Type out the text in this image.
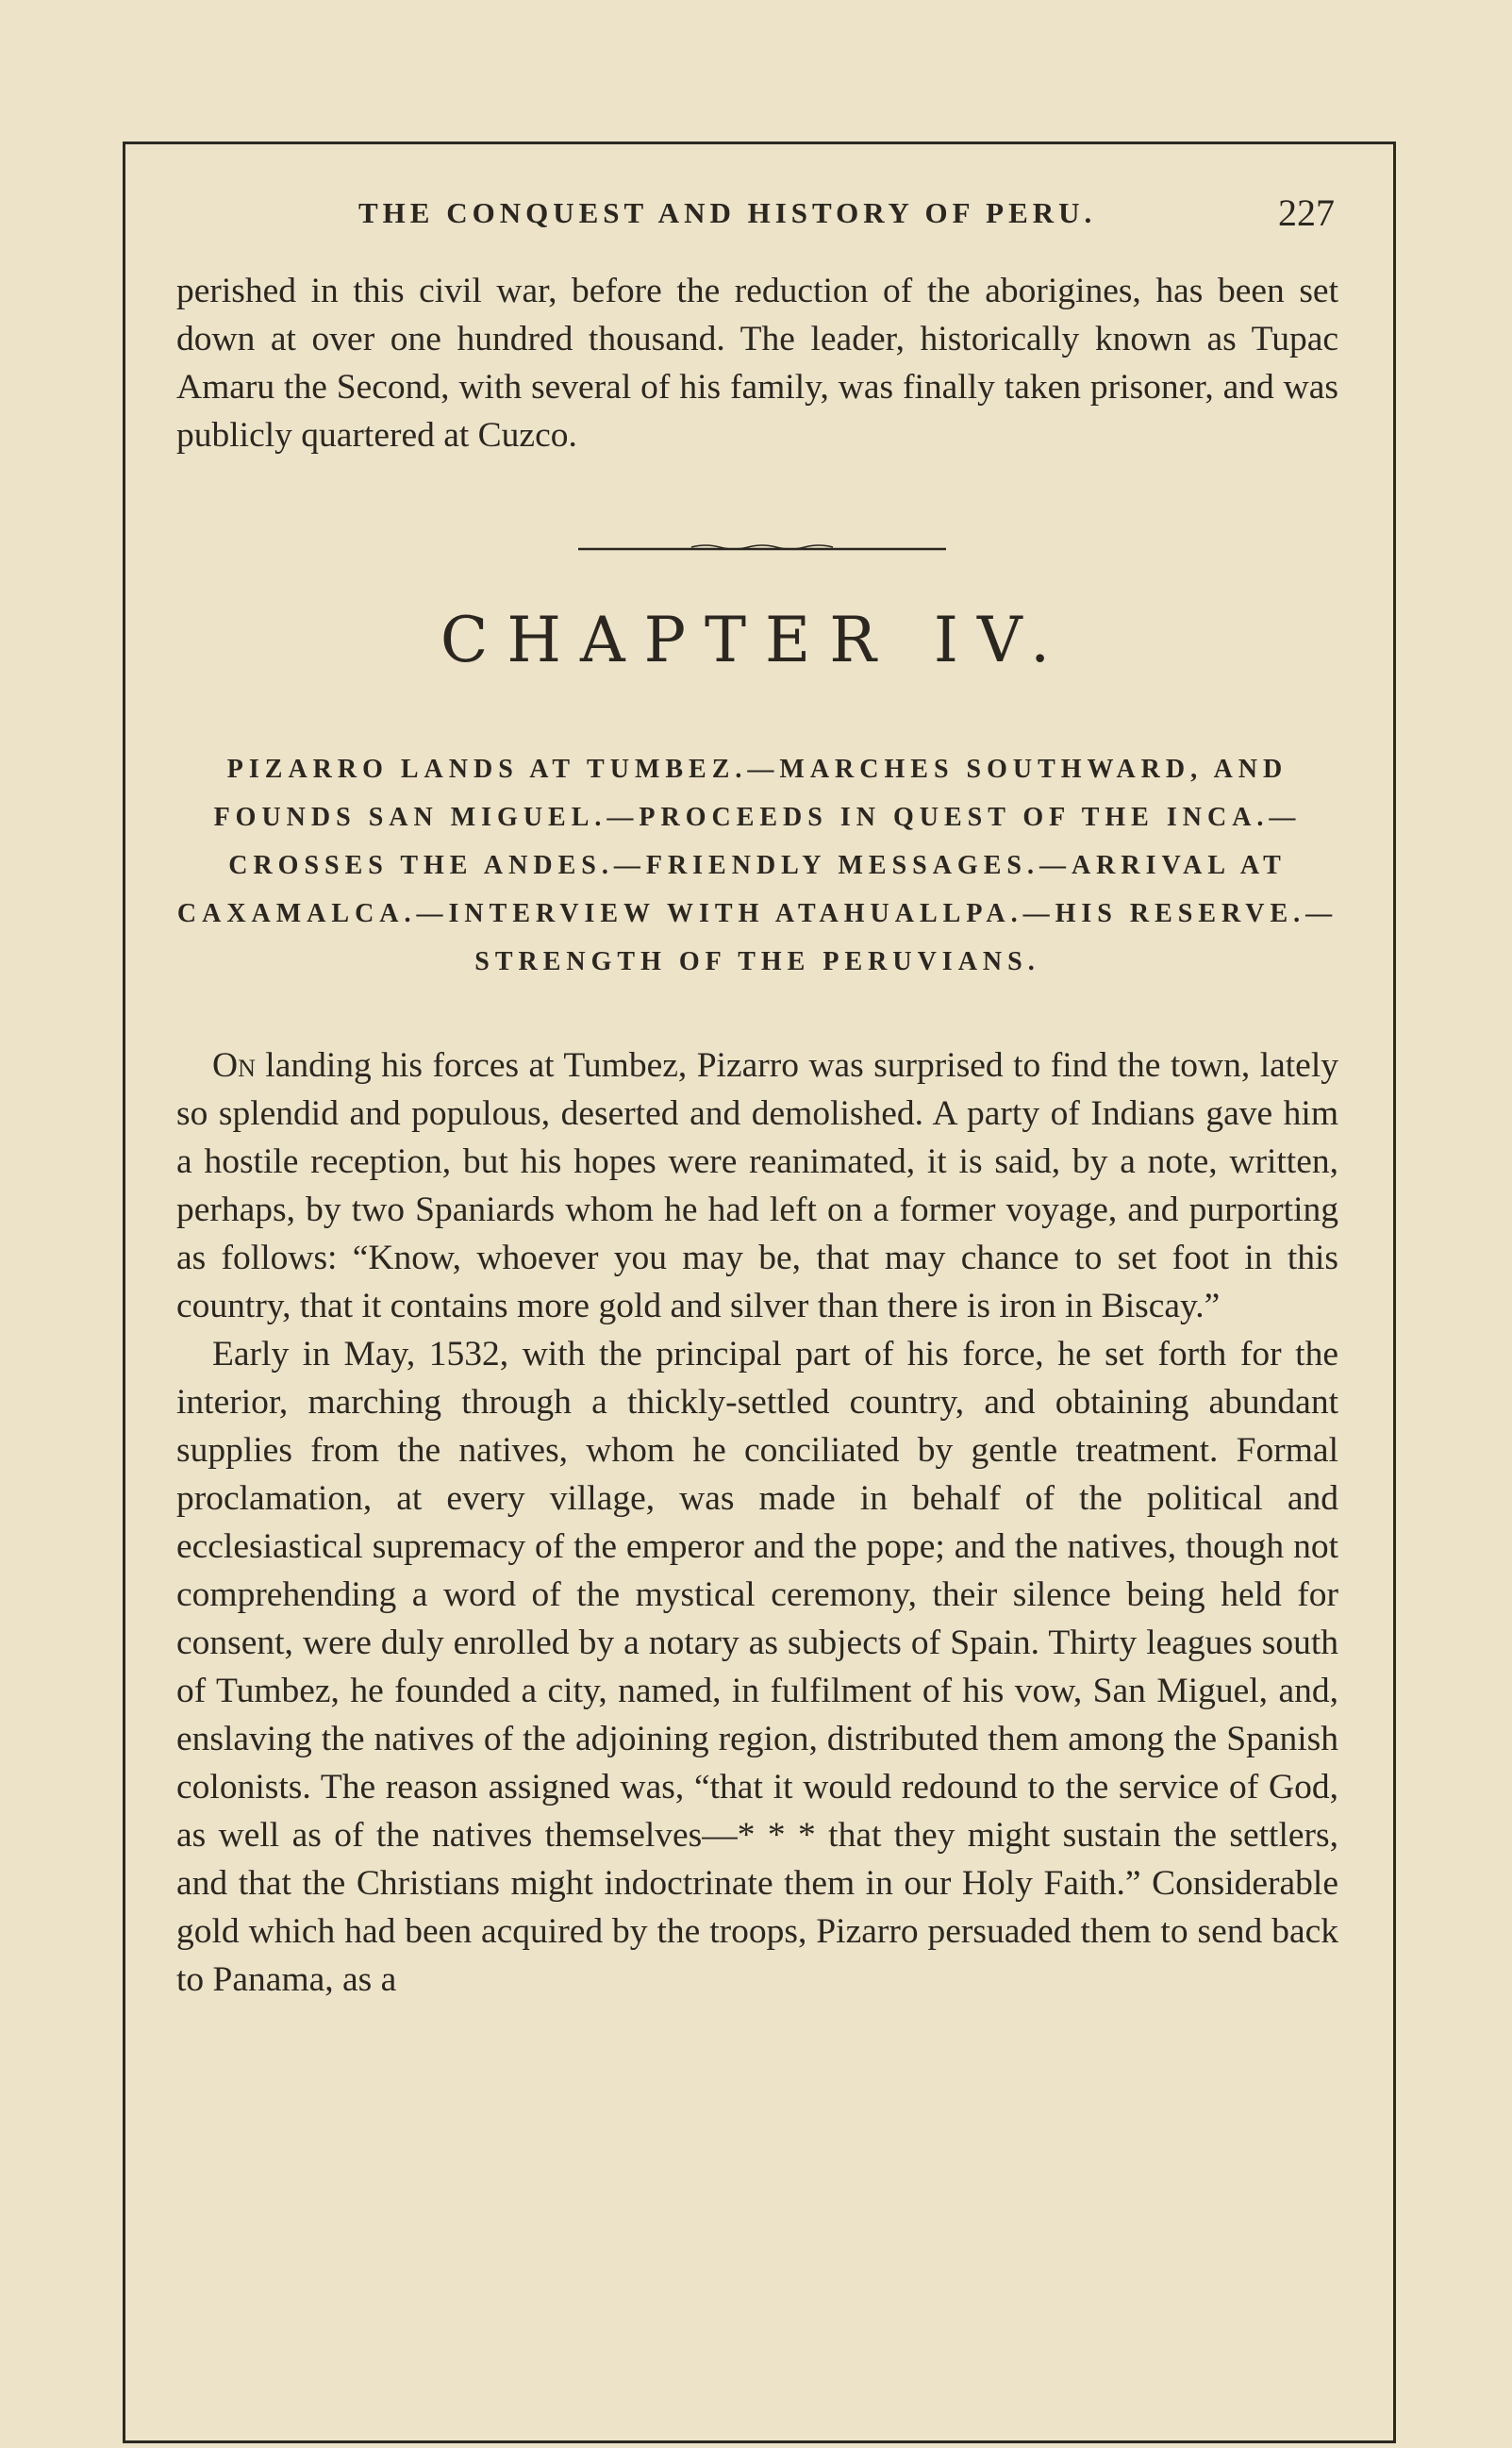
THE CONQUEST AND HISTORY OF PERU.	227

perished in this civil war, before the reduction of the aborigines, has been set down at over one hundred thousand. The leader, historically known as Tupac Amaru the Second, with several of his family, was finally taken prisoner, and was publicly quartered at Cuzco.

CHAPTER IV.

PIZARRO LANDS AT TUMBEZ.—MARCHES SOUTHWARD, AND FOUNDS SAN MIGUEL.—PROCEEDS IN QUEST OF THE INCA.—CROSSES THE ANDES.—FRIENDLY MESSAGES.—ARRIVAL AT CAXAMALCA.—INTERVIEW WITH ATAHUALLPA.—HIS RESERVE.—STRENGTH OF THE PERUVIANS.

On landing his forces at Tumbez, Pizarro was surprised to find the town, lately so splendid and populous, deserted and demolished. A party of Indians gave him a hostile reception, but his hopes were reanimated, it is said, by a note, written, perhaps, by two Spaniards whom he had left on a former voyage, and purporting as follows: “Know, whoever you may be, that may chance to set foot in this country, that it contains more gold and silver than there is iron in Biscay.”

Early in May, 1532, with the principal part of his force, he set forth for the interior, marching through a thickly-settled country, and obtaining abundant supplies from the natives, whom he conciliated by gentle treatment. Formal proclamation, at every village, was made in behalf of the political and ecclesiastical supremacy of the emperor and the pope; and the natives, though not comprehending a word of the mystical ceremony, their silence being held for consent, were duly enrolled by a notary as subjects of Spain. Thirty leagues south of Tumbez, he founded a city, named, in fulfilment of his vow, San Miguel, and, enslaving the natives of the adjoining region, distributed them among the Spanish colonists. The reason assigned was, “that it would redound to the service of God, as well as of the natives themselves—* * * that they might sustain the settlers, and that the Christians might indoctrinate them in our Holy Faith.” Considerable gold which had been acquired by the troops, Pizarro persuaded them to send back to Panama, as a
